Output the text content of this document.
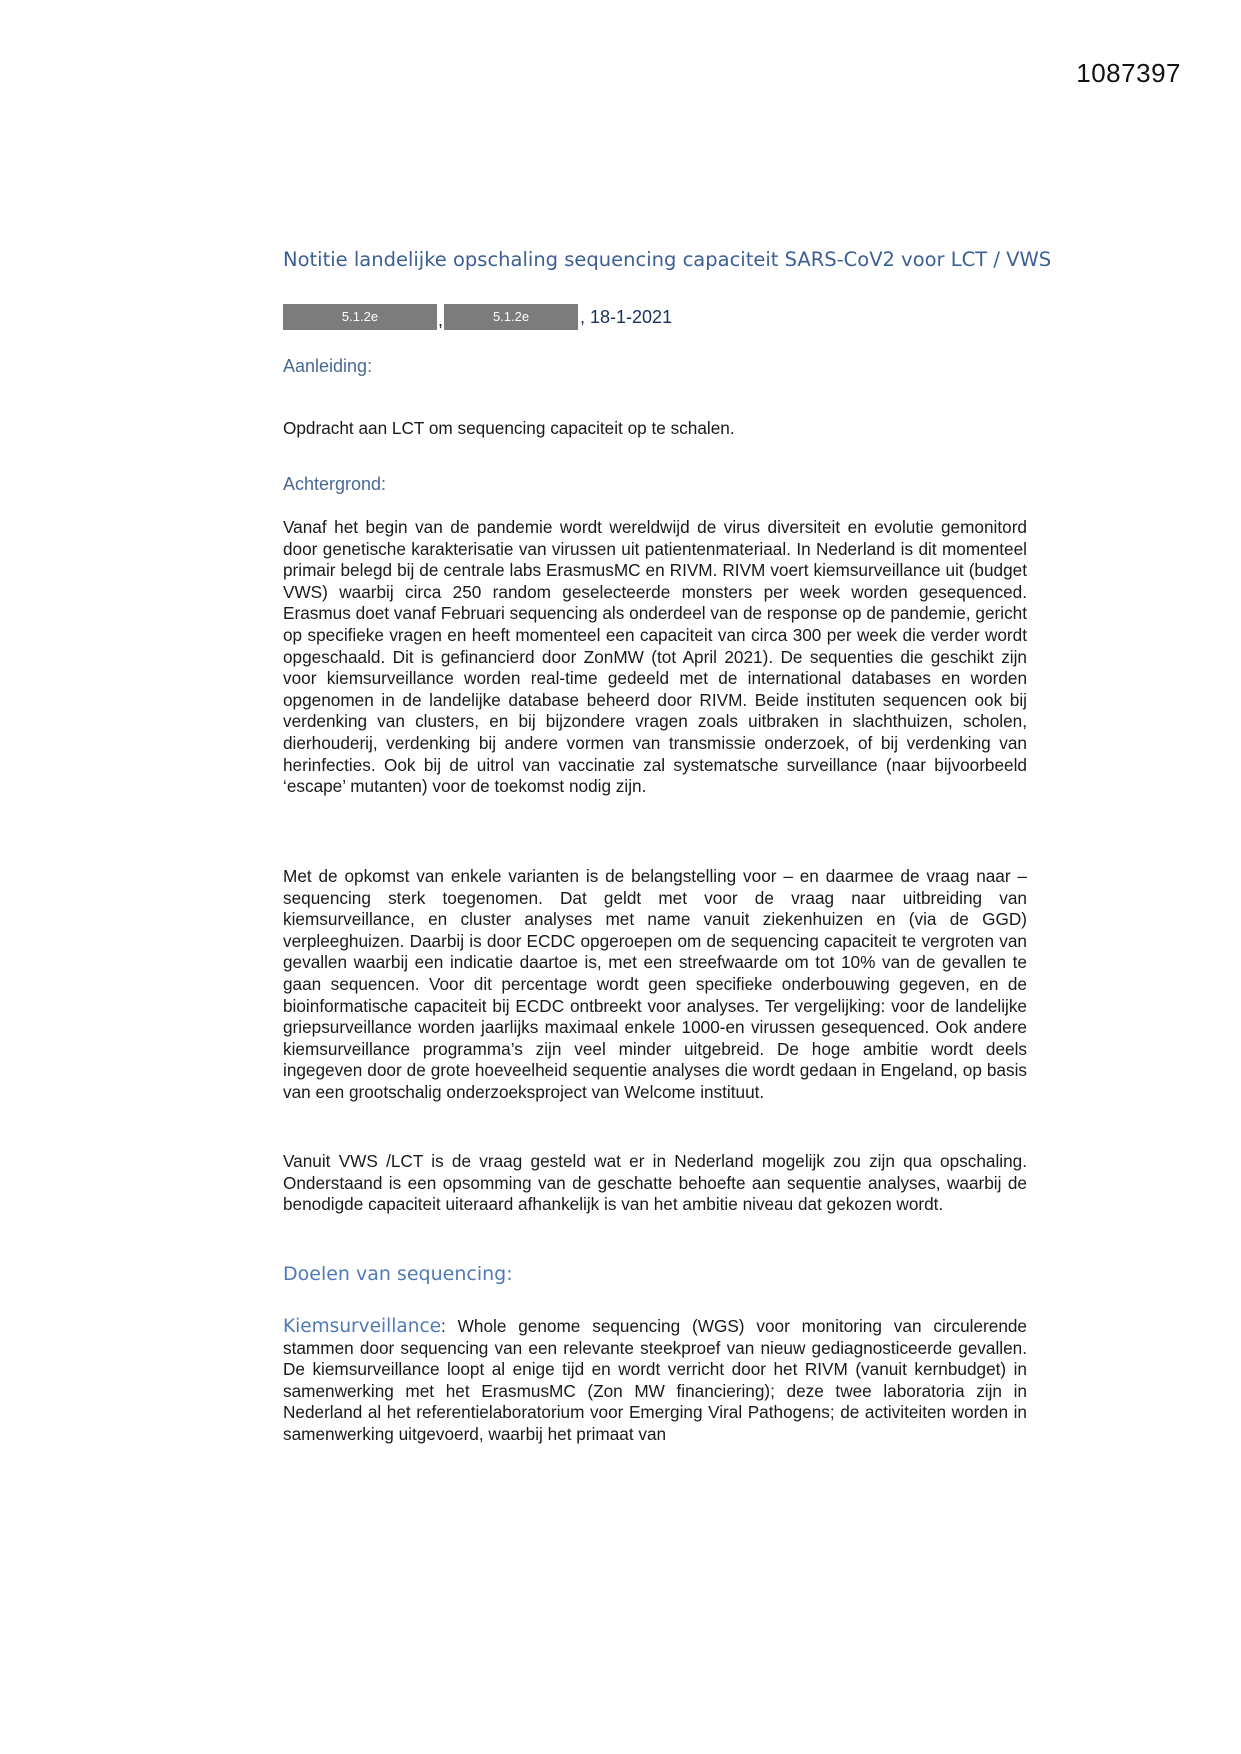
1087397
Notitie landelijke opschaling sequencing capaciteit SARS-CoV2 voor LCT / VWS
5.1.2e	,	5.1.2e	, 18-1-2021
Aanleiding:
Opdracht aan LCT om sequencing capaciteit op te schalen.
Achtergrond:
Vanaf het begin van de pandemie wordt wereldwijd de virus diversiteit en evolutie gemonitord door genetische karakterisatie van virussen uit patientenmateriaal. In Nederland is dit momenteel primair belegd bij de centrale labs ErasmusMC en RIVM. RIVM voert kiemsurveillance uit (budget VWS) waarbij circa 250 random geselecteerde monsters per week worden gesequenced. Erasmus doet vanaf Februari sequencing als onderdeel van de response op de pandemie, gericht op specifieke vragen en heeft momenteel een capaciteit van circa 300 per week die verder wordt opgeschaald. Dit is gefinancierd door ZonMW (tot April 2021). De sequenties die geschikt zijn voor kiemsurveillance worden real-time gedeeld met de international databases en worden opgenomen in de landelijke database beheerd door RIVM. Beide instituten sequencen ook bij verdenking van clusters, en bij bijzondere vragen zoals uitbraken in slachthuizen, scholen, dierhouderij, verdenking bij andere vormen van transmissie onderzoek, of bij verdenking van herinfecties. Ook bij de uitrol van vaccinatie zal systematsche surveillance (naar bijvoorbeeld ‘escape’ mutanten) voor de toekomst nodig zijn.
Met de opkomst van enkele varianten is de belangstelling voor – en daarmee de vraag naar – sequencing sterk toegenomen. Dat geldt met voor de vraag naar uitbreiding van kiemsurveillance, en cluster analyses met name vanuit ziekenhuizen en (via de GGD) verpleeghuizen. Daarbij is door ECDC opgeroepen om de sequencing capaciteit te vergroten van gevallen waarbij een indicatie daartoe is, met een streefwaarde om tot 10% van de gevallen te gaan sequencen. Voor dit percentage wordt geen specifieke onderbouwing gegeven, en de bioinformatische capaciteit bij ECDC ontbreekt voor analyses. Ter vergelijking: voor de landelijke griepsurveillance worden jaarlijks maximaal enkele 1000-en virussen gesequenced. Ook andere kiemsurveillance programma’s zijn veel minder uitgebreid. De hoge ambitie wordt deels ingegeven door de grote hoeveelheid sequentie analyses die wordt gedaan in Engeland, op basis van een grootschalig onderzoeksproject van Welcome instituut.
Vanuit VWS /LCT is de vraag gesteld wat er in Nederland mogelijk zou zijn qua opschaling. Onderstaand is een opsomming van de geschatte behoefte aan sequentie analyses, waarbij de benodigde capaciteit uiteraard afhankelijk is van het ambitie niveau dat gekozen wordt.
Doelen van sequencing:
Kiemsurveillance: Whole genome sequencing (WGS) voor monitoring van circulerende stammen door sequencing van een relevante steekproef van nieuw gediagnosticeerde gevallen. De kiemsurveillance loopt al enige tijd en wordt verricht door het RIVM (vanuit kernbudget) in samenwerking met het ErasmusMC (Zon MW financiering); deze twee laboratoria zijn in Nederland al het referentielaboratorium voor Emerging Viral Pathogens; de activiteiten worden in samenwerking uitgevoerd, waarbij het primaat van
